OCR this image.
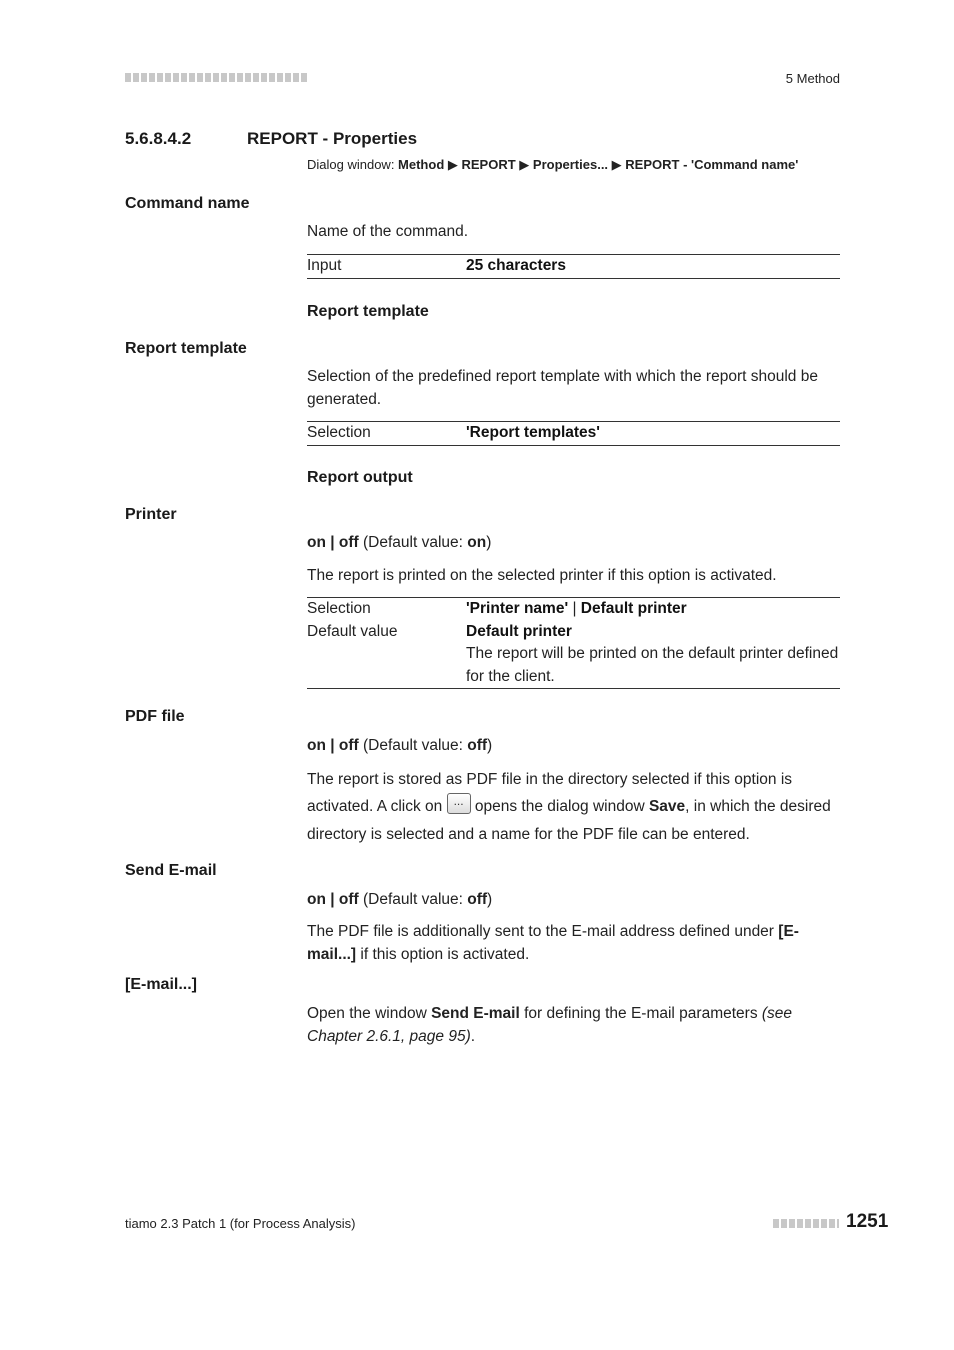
5 Method
5.6.8.4.2	REPORT - Properties
Dialog window: Method ▶ REPORT ▶ Properties... ▶ REPORT - 'Command name'
Command name
Name of the command.
Input	25 characters
Report template
Report template
Selection of the predefined report template with which the report should be generated.
Selection	'Report templates'
Report output
Printer
on | off (Default value: on)
The report is printed on the selected printer if this option is activated.
Selection	'Printer name' | Default printer
Default value	Default printer
The report will be printed on the default printer defined for the client.
PDF file
on | off (Default value: off)
The report is stored as PDF file in the directory selected if this option is activated. A click on ... opens the dialog window Save, in which the desired directory is selected and a name for the PDF file can be entered.
Send E-mail
on | off (Default value: off)
The PDF file is additionally sent to the E-mail address defined under [E-mail...] if this option is activated.
[E-mail...]
Open the window Send E-mail for defining the E-mail parameters (see Chapter 2.6.1, page 95).
tiamo 2.3 Patch 1 (for Process Analysis)	1251
